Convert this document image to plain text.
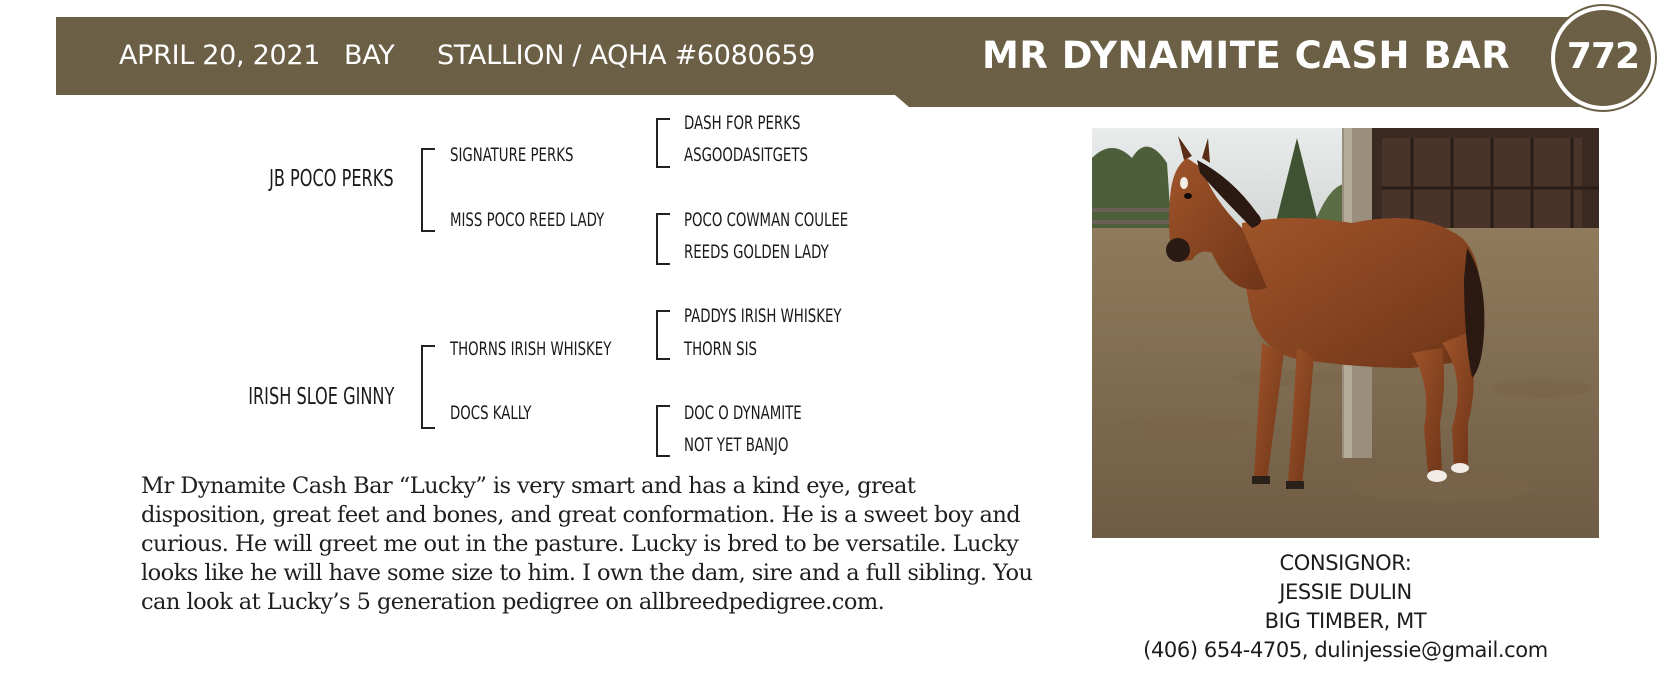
APRIL 20, 2021 BAY STALLION / AQHA #6080659	MR DYNAMITE CASH BAR	772
JB POCO PERKS
IRISH SLOE GINNY
SIGNATURE PERKS
MISS POCO REED LADY
THORNS IRISH WHISKEY
DOCS KALLY
DASH FOR PERKS
ASGOODASITGETS
POCO COWMAN COULEE
REEDS GOLDEN LADY
PADDYS IRISH WHISKEY
THORN SIS
DOC O DYNAMITE
NOT YET BANJO
Mr Dynamite Cash Bar “Lucky” is very smart and has a kind eye, great disposition, great feet and bones, and great conformation. He is a sweet boy and curious. He will greet me out in the pasture. Lucky is bred to be versatile. Lucky looks like he will have some size to him. I own the dam, sire and a full sibling. You can look at Lucky’s 5 generation pedigree on allbreedpedigree.com.
CONSIGNOR:
JESSIE DULIN
BIG TIMBER, MT
(406) 654-4705, dulinjessie@gmail.com
